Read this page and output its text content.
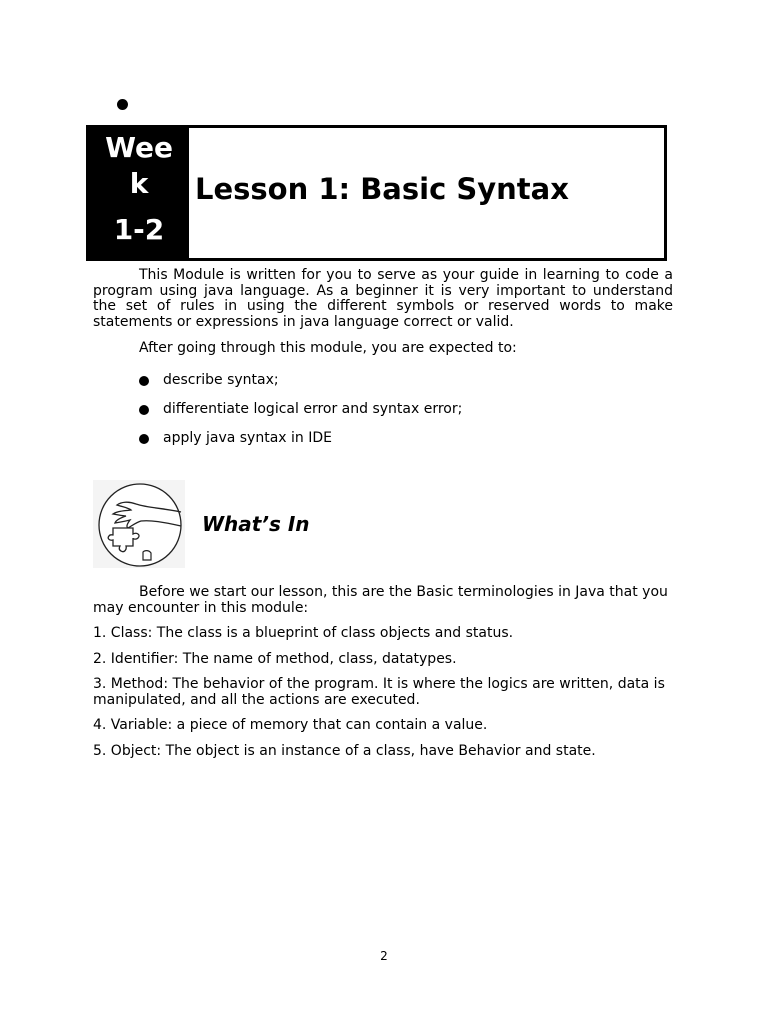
Wee
k
1-2
Lesson 1: Basic Syntax
This Module is written for you to serve as your guide in learning to code a program using java language. As a beginner it is very important to understand the set of rules in using the different symbols or reserved words to make statements or expressions in java language correct or valid.
After going through this module, you are expected to:
describe syntax;
differentiate logical error and syntax error;
apply java syntax in IDE
What’s In
Before we start our lesson, this are the Basic terminologies in Java that you may encounter in this module:
1. Class: The class is a blueprint of class objects and status.
2. Identifier: The name of method, class, datatypes.
3. Method: The behavior of the program. It is where the logics are written, data is manipulated, and all the actions are executed.
4. Variable: a piece of memory that can contain a value.
5. Object: The object is an instance of a class, have Behavior and state.
2
